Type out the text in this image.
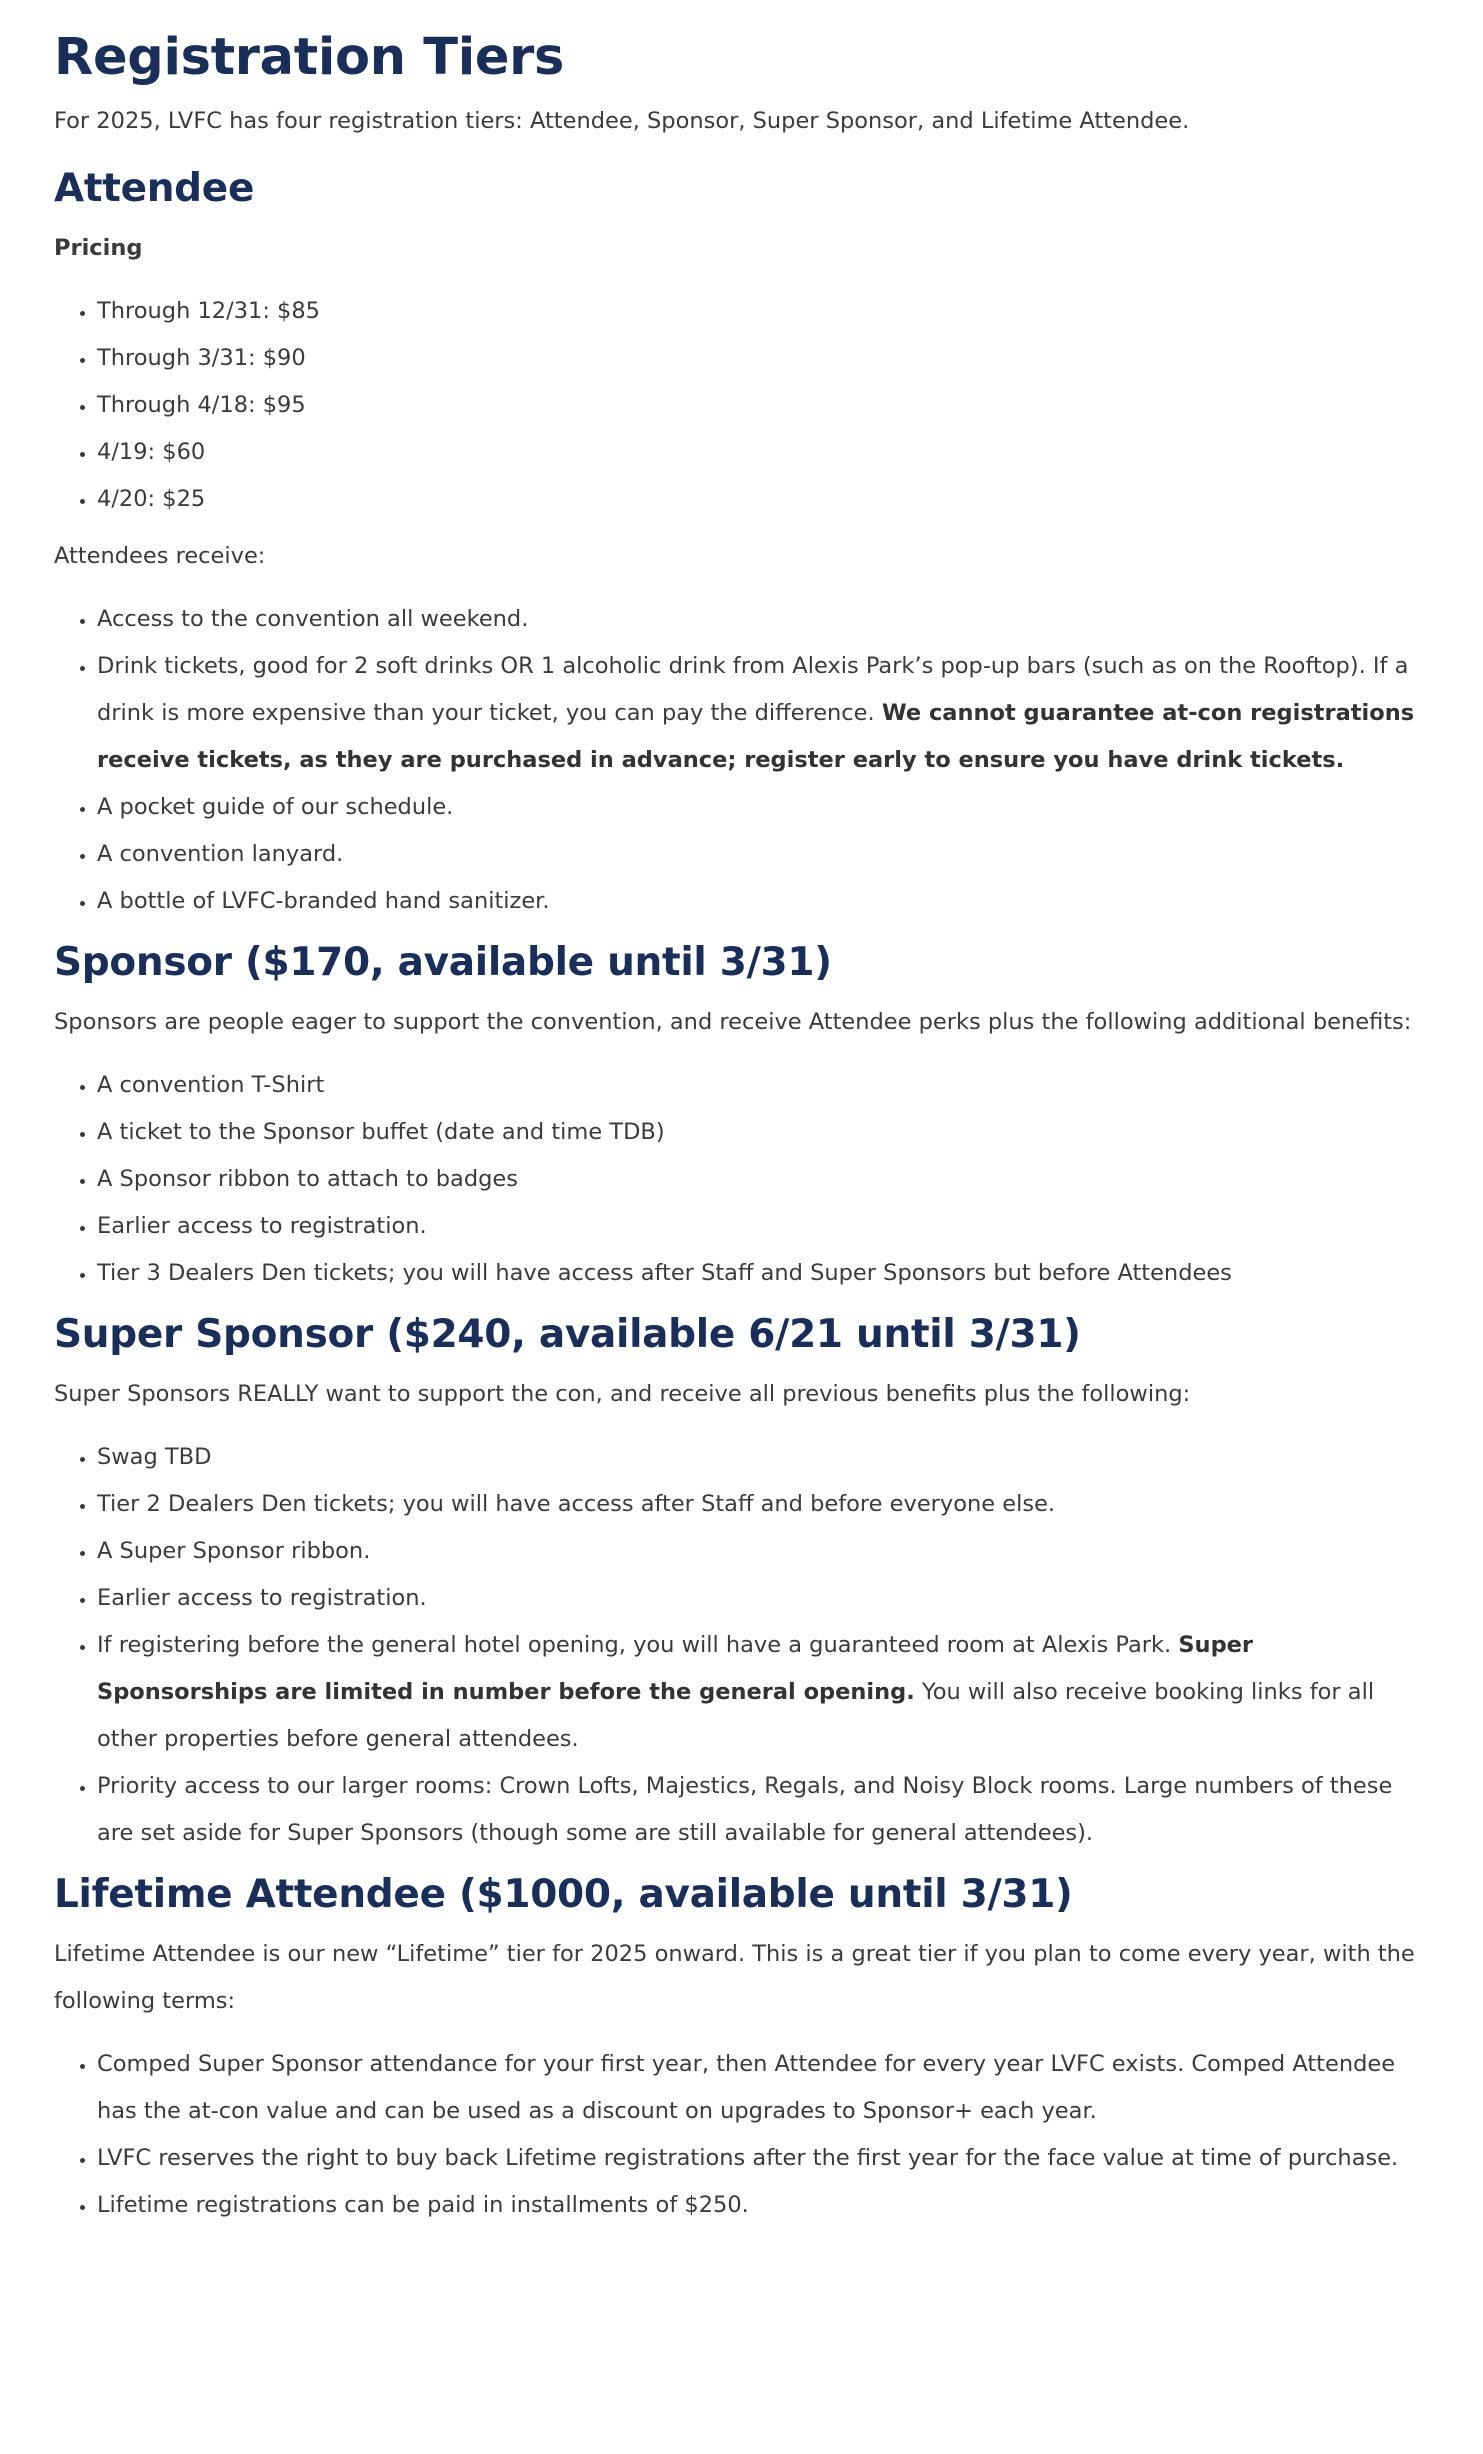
Registration Tiers

For 2025, LVFC has four registration tiers: Attendee, Sponsor, Super Sponsor, and Lifetime Attendee.

Attendee

Pricing

• Through 12/31: $85
• Through 3/31: $90
• Through 4/18: $95
• 4/19: $60
• 4/20: $25

Attendees receive:

• Access to the convention all weekend.
• Drink tickets, good for 2 soft drinks OR 1 alcoholic drink from Alexis Park’s pop-up bars (such as on the Rooftop). If a drink is more expensive than your ticket, you can pay the difference. We cannot guarantee at-con registrations receive tickets, as they are purchased in advance; register early to ensure you have drink tickets.
• A pocket guide of our schedule.
• A convention lanyard.
• A bottle of LVFC-branded hand sanitizer.
Sponsor ($170, available until 3/31)

Sponsors are people eager to support the convention, and receive Attendee perks plus the following additional benefits:

• A convention T-Shirt
• A ticket to the Sponsor buffet (date and time TDB)
• A Sponsor ribbon to attach to badges
• Earlier access to registration.
• Tier 3 Dealers Den tickets; you will have access after Staff and Super Sponsors but before Attendees
Super Sponsor ($240, available 6/21 until 3/31)

Super Sponsors REALLY want to support the con, and receive all previous benefits plus the following:

• Swag TBD
• Tier 2 Dealers Den tickets; you will have access after Staff and before everyone else.
• A Super Sponsor ribbon.
• Earlier access to registration.
• If registering before the general hotel opening, you will have a guaranteed room at Alexis Park. Super Sponsorships are limited in number before the general opening. You will also receive booking links for all other properties before general attendees.
• Priority access to our larger rooms: Crown Lofts, Majestics, Regals, and Noisy Block rooms. Large numbers of these are set aside for Super Sponsors (though some are still available for general attendees).
Lifetime Attendee ($1000, available until 3/31)

Lifetime Attendee is our new “Lifetime” tier for 2025 onward. This is a great tier if you plan to come every year, with the following terms:

• Comped Super Sponsor attendance for your first year, then Attendee for every year LVFC exists. Comped Attendee has the at-con value and can be used as a discount on upgrades to Sponsor+ each year.
• LVFC reserves the right to buy back Lifetime registrations after the first year for the face value at time of purchase.
• Lifetime registrations can be paid in installments of $250.
